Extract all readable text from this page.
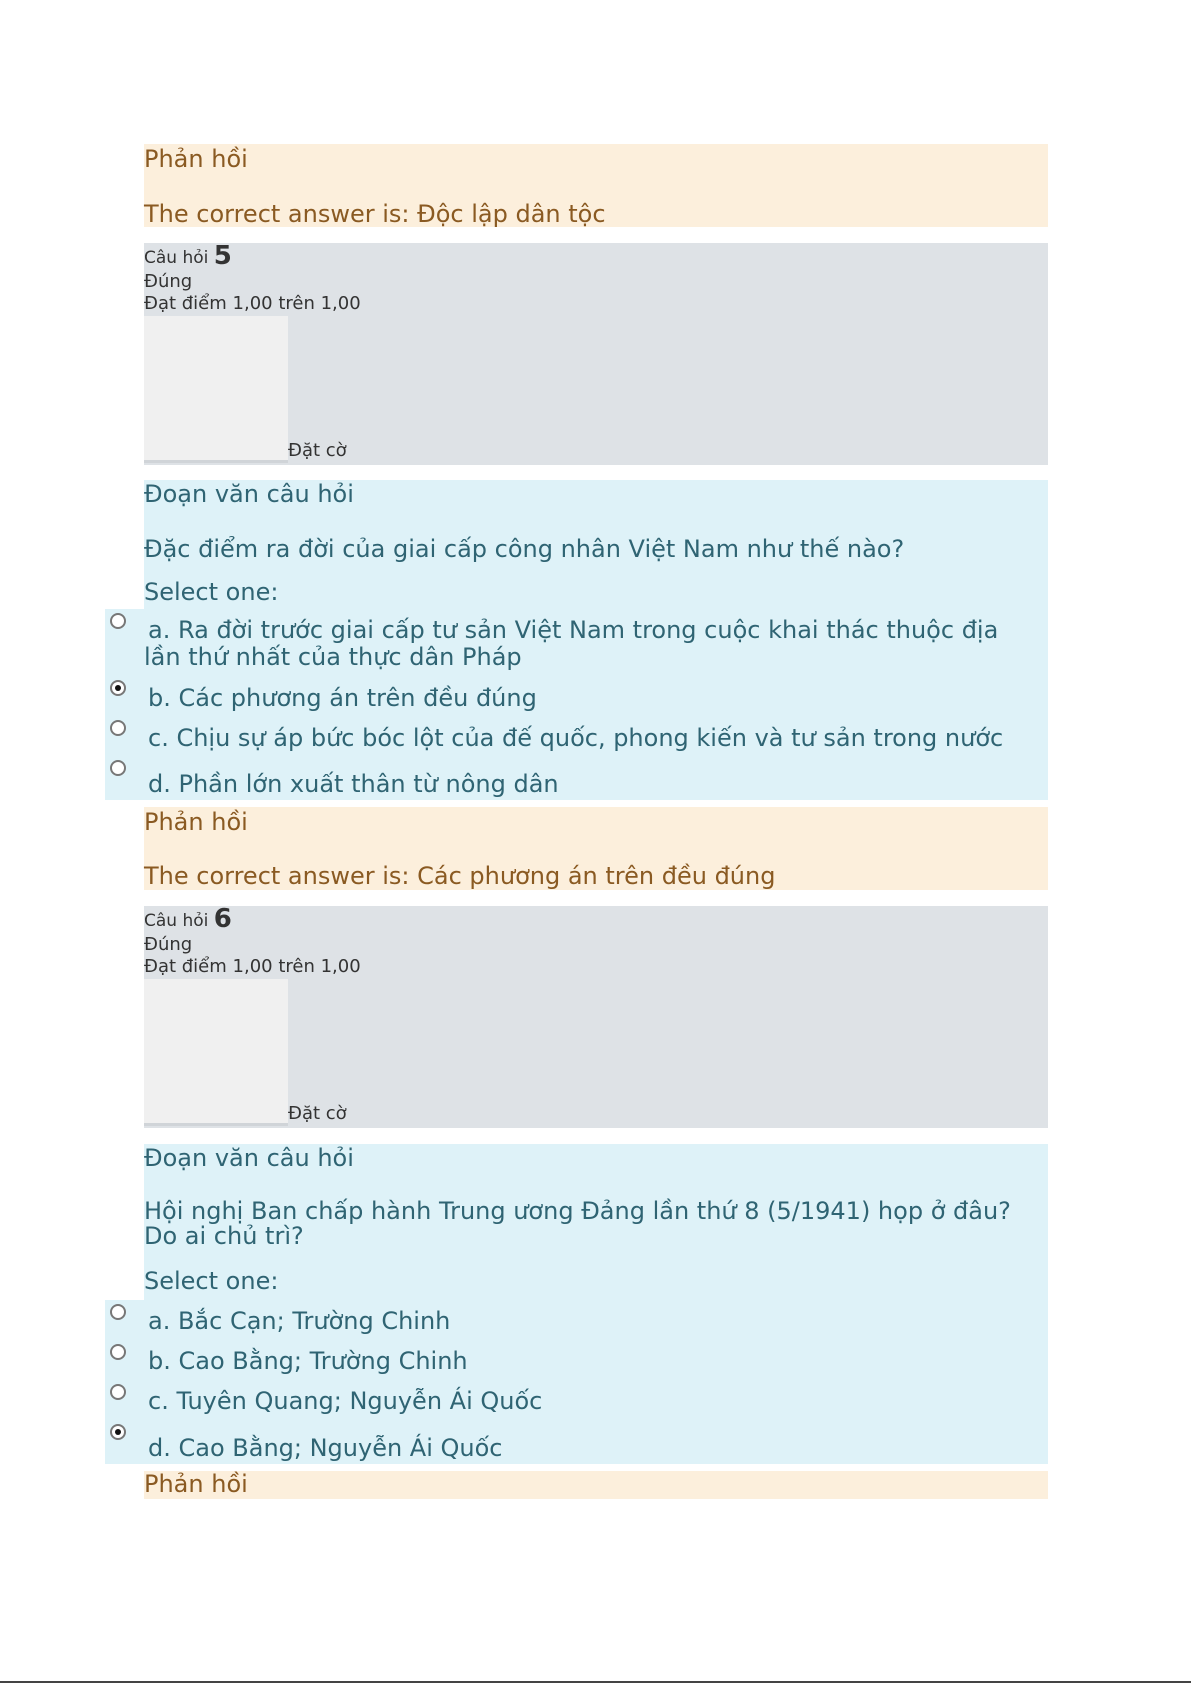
Phản hồi
The correct answer is: Độc lập dân tộc
Câu hỏi 5
Đúng
Đạt điểm 1,00 trên 1,00
Đặt cờ
Đoạn văn câu hỏi
Đặc điểm ra đời của giai cấp công nhân Việt Nam như thế nào?
Select one:
a. Ra đời trước giai cấp tư sản Việt Nam trong cuộc khai thác thuộc địa lần thứ nhất của thực dân Pháp
b. Các phương án trên đều đúng
c. Chịu sự áp bức bóc lột của đế quốc, phong kiến và tư sản trong nước
d. Phần lớn xuất thân từ nông dân
Phản hồi
The correct answer is: Các phương án trên đều đúng
Câu hỏi 6
Đúng
Đạt điểm 1,00 trên 1,00
Đặt cờ
Đoạn văn câu hỏi
Hội nghị Ban chấp hành Trung ương Đảng lần thứ 8 (5/1941) họp ở đâu? Do ai chủ trì?
Select one:
a. Bắc Cạn; Trường Chinh
b. Cao Bằng; Trường Chinh
c. Tuyên Quang; Nguyễn Ái Quốc
d. Cao Bằng; Nguyễn Ái Quốc
Phản hồi
